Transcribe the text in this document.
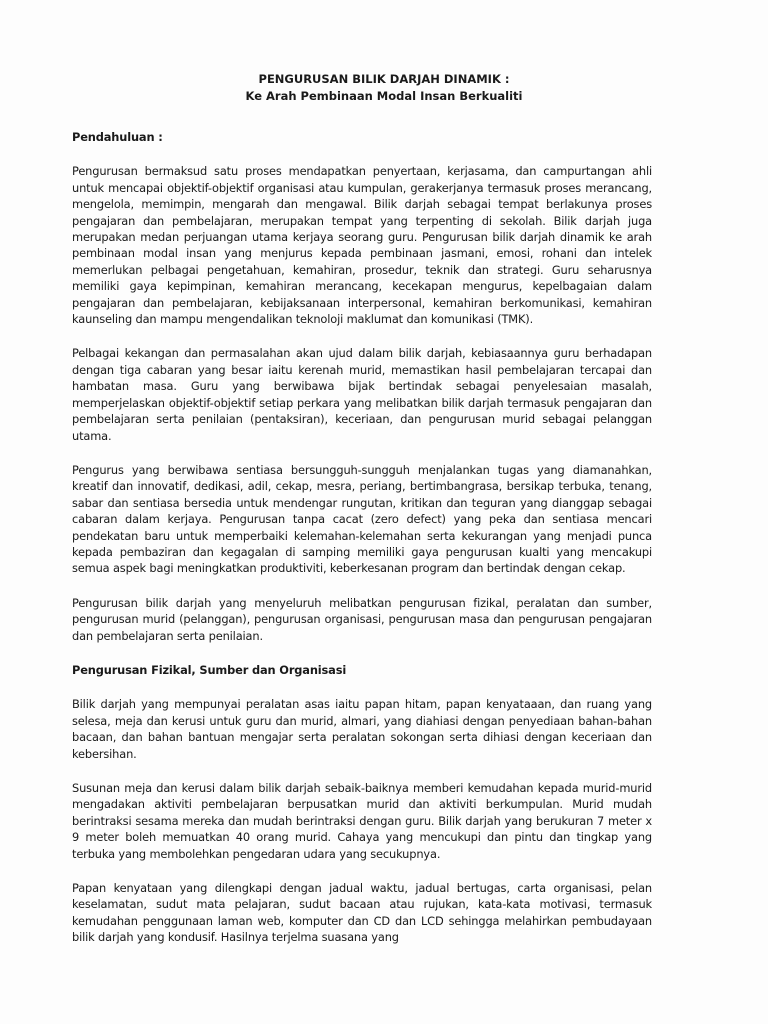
PENGURUSAN BILIK DARJAH DINAMIK :
Ke Arah Pembinaan Modal Insan Berkualiti
Pendahuluan :

Pengurusan bermaksud satu proses mendapatkan penyertaan, kerjasama, dan campurtangan ahli untuk mencapai objektif-objektif organisasi atau kumpulan, gerakerjanya termasuk proses merancang, mengelola, memimpin, mengarah dan mengawal. Bilik darjah sebagai tempat berlakunya proses pengajaran dan pembelajaran, merupakan tempat yang terpenting di sekolah. Bilik darjah juga merupakan medan perjuangan utama kerjaya seorang guru. Pengurusan bilik darjah dinamik ke arah pembinaan modal insan yang menjurus kepada pembinaan jasmani, emosi, rohani dan intelek memerlukan pelbagai pengetahuan, kemahiran, prosedur, teknik dan strategi. Guru seharusnya memiliki gaya kepimpinan, kemahiran merancang, kecekapan mengurus, kepelbagaian dalam pengajaran dan pembelajaran, kebijaksanaan interpersonal, kemahiran berkomunikasi, kemahiran kaunseling dan mampu mengendalikan teknoloji maklumat dan komunikasi (TMK).

Pelbagai kekangan dan permasalahan akan ujud dalam bilik darjah, kebiasaannya guru berhadapan dengan tiga cabaran yang besar iaitu kerenah murid, memastikan hasil pembelajaran tercapai dan hambatan masa. Guru yang berwibawa bijak bertindak sebagai penyelesaian masalah, memperjelaskan objektif-objektif setiap perkara yang melibatkan bilik darjah termasuk pengajaran dan pembelajaran serta penilaian (pentaksiran), keceriaan, dan pengurusan murid sebagai pelanggan utama.

Pengurus yang berwibawa sentiasa bersungguh-sungguh menjalankan tugas yang diamanahkan, kreatif dan innovatif, dedikasi, adil, cekap, mesra, periang, bertimbangrasa, bersikap terbuka, tenang, sabar dan sentiasa bersedia untuk mendengar rungutan, kritikan dan teguran yang dianggap sebagai cabaran dalam kerjaya. Pengurusan tanpa cacat (zero defect) yang peka dan sentiasa mencari pendekatan baru untuk memperbaiki kelemahan-kelemahan serta kekurangan yang menjadi punca kepada pembaziran dan kegagalan di samping memiliki gaya pengurusan kualti yang mencakupi semua aspek bagi meningkatkan produktiviti, keberkesanan program dan bertindak dengan cekap.

Pengurusan bilik darjah yang menyeluruh melibatkan pengurusan fizikal, peralatan dan sumber, pengurusan murid (pelanggan), pengurusan organisasi, pengurusan masa dan pengurusan pengajaran dan pembelajaran serta penilaian.

Pengurusan Fizikal, Sumber dan Organisasi

Bilik darjah yang mempunyai peralatan asas iaitu papan hitam, papan kenyataaan, dan ruang yang selesa, meja dan kerusi untuk guru dan murid, almari, yang diahiasi dengan penyediaan bahan-bahan bacaan, dan bahan bantuan mengajar serta peralatan sokongan serta dihiasi dengan keceriaan dan kebersihan.

Susunan meja dan kerusi dalam bilik darjah sebaik-baiknya memberi kemudahan kepada murid-murid mengadakan aktiviti pembelajaran berpusatkan murid dan aktiviti berkumpulan. Murid mudah berintraksi sesama mereka dan mudah berintraksi dengan guru. Bilik darjah yang berukuran 7 meter x 9 meter boleh memuatkan 40 orang murid. Cahaya yang mencukupi dan pintu dan tingkap yang terbuka yang membolehkan pengedaran udara yang secukupnya.

Papan kenyataan yang dilengkapi dengan jadual waktu, jadual bertugas, carta organisasi, pelan keselamatan, sudut mata pelajaran, sudut bacaan atau rujukan, kata-kata motivasi, termasuk kemudahan penggunaan laman web, komputer dan CD dan LCD sehingga melahirkan pembudayaan bilik darjah yang kondusif. Hasilnya terjelma suasana yang
